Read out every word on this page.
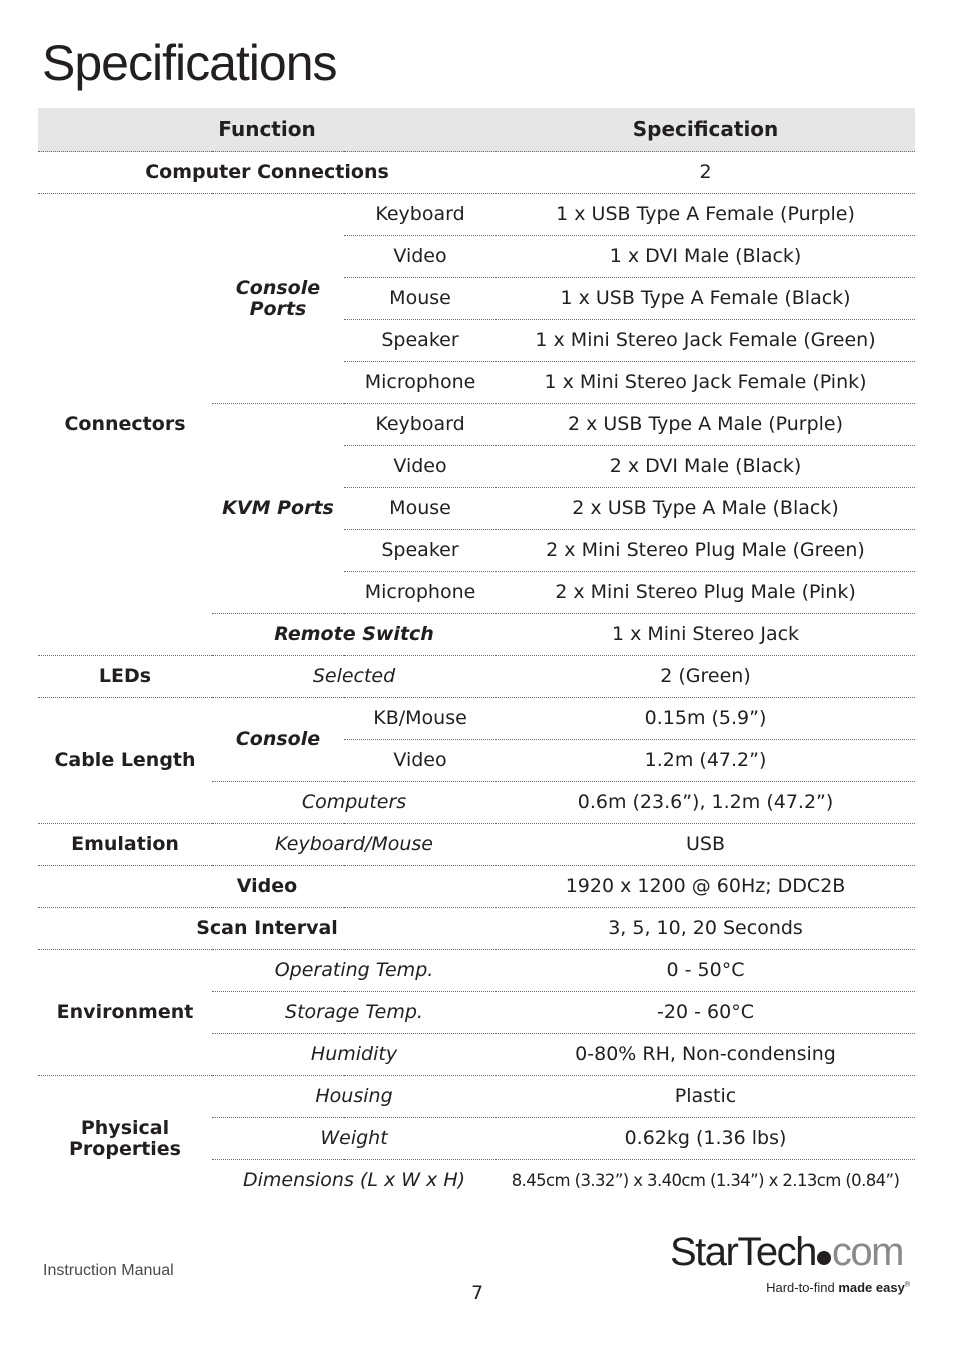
Specifications
Function			Specification
Computer Connections			2
Connectors	Console Ports	Keyboard	1 x USB Type A Female (Purple)
		Video	1 x DVI Male (Black)
		Mouse	1 x USB Type A Female (Black)
		Speaker	1 x Mini Stereo Jack Female (Green)
		Microphone	1 x Mini Stereo Jack Female (Pink)
	KVM Ports	Keyboard	2 x USB Type A Male (Purple)
		Video	2 x DVI Male (Black)
		Mouse	2 x USB Type A Male (Black)
		Speaker	2 x Mini Stereo Plug Male (Green)
		Microphone	2 x Mini Stereo Plug Male (Pink)
	Remote Switch		1 x Mini Stereo Jack
LEDs	Selected		2 (Green)
Cable Length	Console	KB/Mouse	0.15m (5.9”)
		Video	1.2m (47.2”)
	Computers		0.6m (23.6”), 1.2m (47.2”)
Emulation	Keyboard/Mouse		USB
Video			1920 x 1200 @ 60Hz; DDC2B
Scan Interval			3, 5, 10, 20 Seconds
Environment	Operating Temp.		0 - 50°C
	Storage Temp.		-20 - 60°C
	Humidity		0-80% RH, Non-condensing
Physical Properties	Housing		Plastic
	Weight		0.62kg (1.36 lbs)
	Dimensions (L x W x H)		8.45cm (3.32”) x 3.40cm (1.34”) x 2.13cm (0.84”)
Instruction Manual
7
StarTech com
Hard-to-find made easy®
